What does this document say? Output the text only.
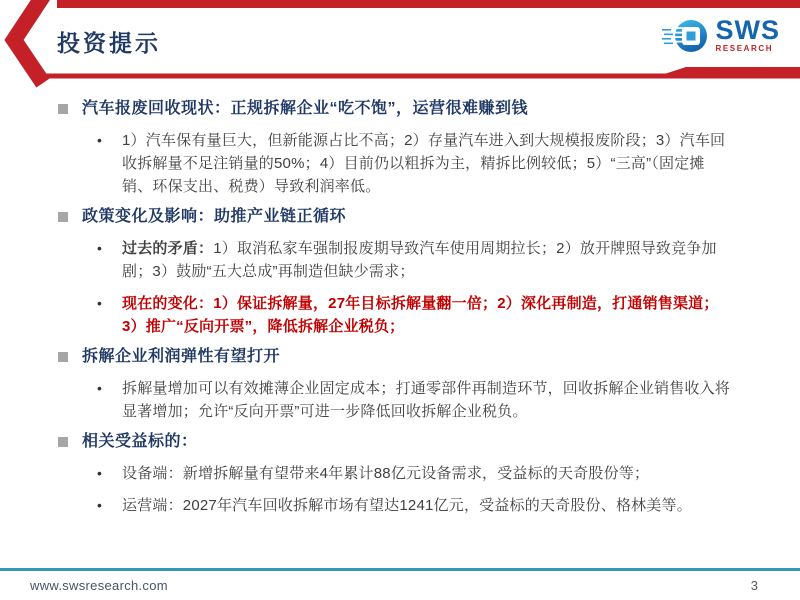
投资提示	SWS
RESEARCH
汽车报废回收现状：正规拆解企业“吃不饱”，运营很难赚到钱
•	1）汽车保有量巨大，但新能源占比不高；2）存量汽车进入到大规模报废阶段；3）汽车回收拆解量不足注销量的50%；4）目前仍以粗拆为主，精拆比例较低；5）“三高”（固定摊销、环保支出、税费）导致利润率低。

政策变化及影响：助推产业链正循环
•	过去的矛盾：1）取消私家车强制报废期导致汽车使用周期拉长；2）放开牌照导致竞争加剧；3）鼓励“五大总成”再制造但缺少需求；

•	现在的变化：1）保证拆解量，27年目标拆解量翻一倍；2）深化再制造，打通销售渠道；3）推广“反向开票”，降低拆解企业税负；

拆解企业利润弹性有望打开
•	拆解量增加可以有效摊薄企业固定成本；打通零部件再制造环节，回收拆解企业销售收入将显著增加；允许“反向开票”可进一步降低回收拆解企业税负。

相关受益标的：
•	设备端：新增拆解量有望带来4年累计88亿元设备需求，受益标的天奇股份等；

•	运营端：2027年汽车回收拆解市场有望达1241亿元，受益标的天奇股份、格林美等。

www.swsresearch.com	3
